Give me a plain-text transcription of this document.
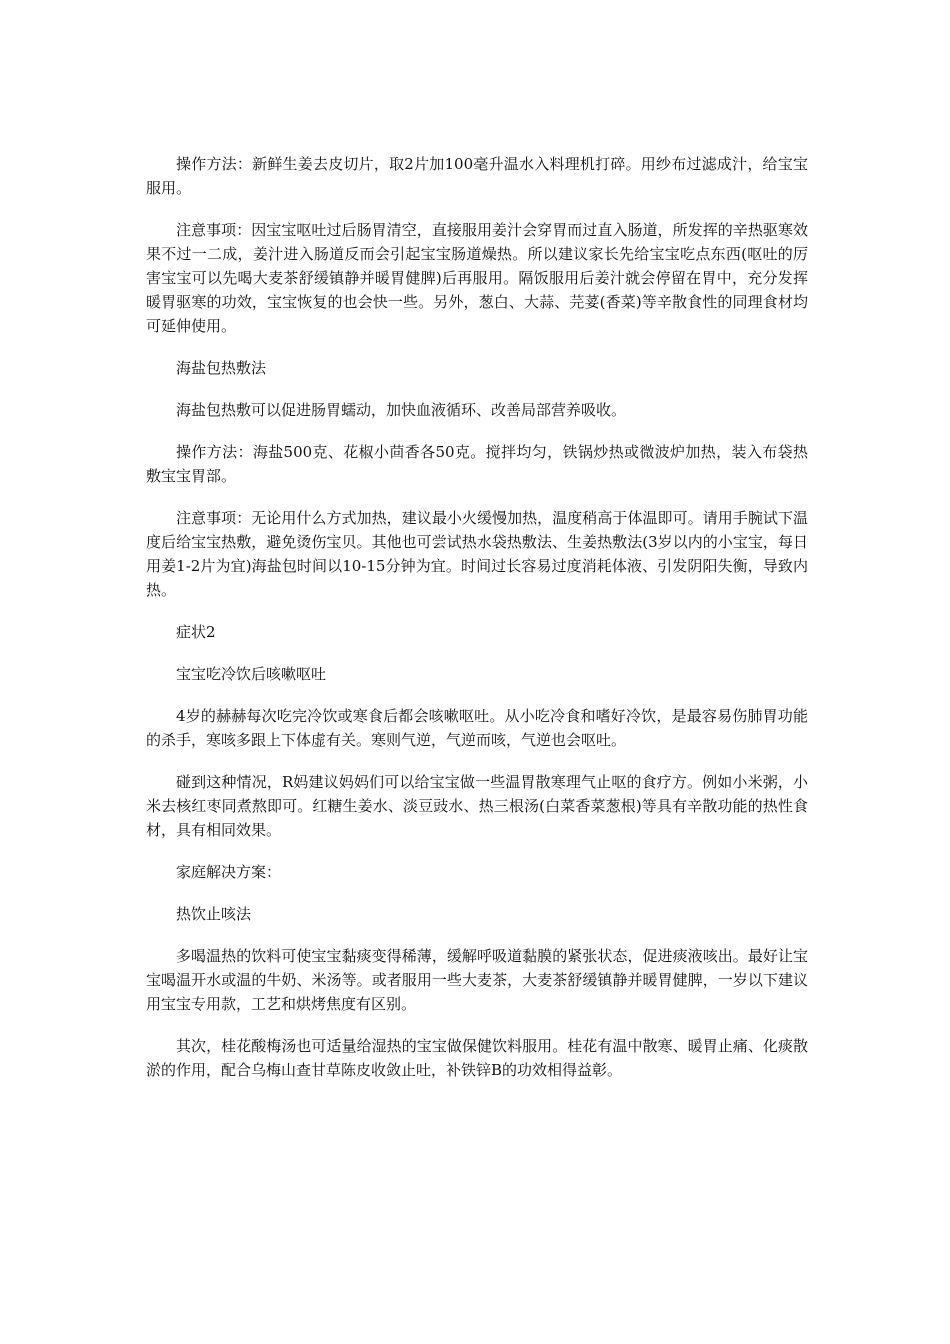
操作方法：新鲜生姜去皮切片，取2片加100毫升温水入料理机打碎。用纱布过滤成汁，给宝宝服用。

注意事项：因宝宝呕吐过后肠胃清空，直接服用姜汁会穿胃而过直入肠道，所发挥的辛热驱寒效果不过一二成，姜汁进入肠道反而会引起宝宝肠道燥热。所以建议家长先给宝宝吃点东西(呕吐的厉害宝宝可以先喝大麦茶舒缓镇静并暖胃健脾)后再服用。隔饭服用后姜汁就会停留在胃中，充分发挥暖胃驱寒的功效，宝宝恢复的也会快一些。另外，葱白、大蒜、芫荽(香菜)等辛散食性的同理食材均可延伸使用。

海盐包热敷法

海盐包热敷可以促进肠胃蠕动，加快血液循环、改善局部营养吸收。

操作方法：海盐500克、花椒小茴香各50克。搅拌均匀，铁锅炒热或微波炉加热，装入布袋热敷宝宝胃部。

注意事项：无论用什么方式加热，建议最小火缓慢加热，温度稍高于体温即可。请用手腕试下温度后给宝宝热敷，避免烫伤宝贝。其他也可尝试热水袋热敷法、生姜热敷法(3岁以内的小宝宝，每日用姜1-2片为宜)海盐包时间以10-15分钟为宜。时间过长容易过度消耗体液、引发阴阳失衡，导致内热。

症状2

宝宝吃冷饮后咳嗽呕吐

4岁的赫赫每次吃完冷饮或寒食后都会咳嗽呕吐。从小吃冷食和嗜好冷饮，是最容易伤肺胃功能的杀手，寒咳多跟上下体虚有关。寒则气逆，气逆而咳，气逆也会呕吐。

碰到这种情况，R妈建议妈妈们可以给宝宝做一些温胃散寒理气止呕的食疗方。例如小米粥，小米去核红枣同煮熬即可。红糖生姜水、淡豆豉水、热三根汤(白菜香菜葱根)等具有辛散功能的热性食材，具有相同效果。

家庭解决方案：

热饮止咳法

多喝温热的饮料可使宝宝黏痰变得稀薄，缓解呼吸道黏膜的紧张状态，促进痰液咳出。最好让宝宝喝温开水或温的牛奶、米汤等。或者服用一些大麦茶，大麦茶舒缓镇静并暖胃健脾，一岁以下建议用宝宝专用款，工艺和烘烤焦度有区别。

其次，桂花酸梅汤也可适量给湿热的宝宝做保健饮料服用。桂花有温中散寒、暖胃止痛、化痰散淤的作用，配合乌梅山查甘草陈皮收敛止吐，补铁锌B的功效相得益彰。
